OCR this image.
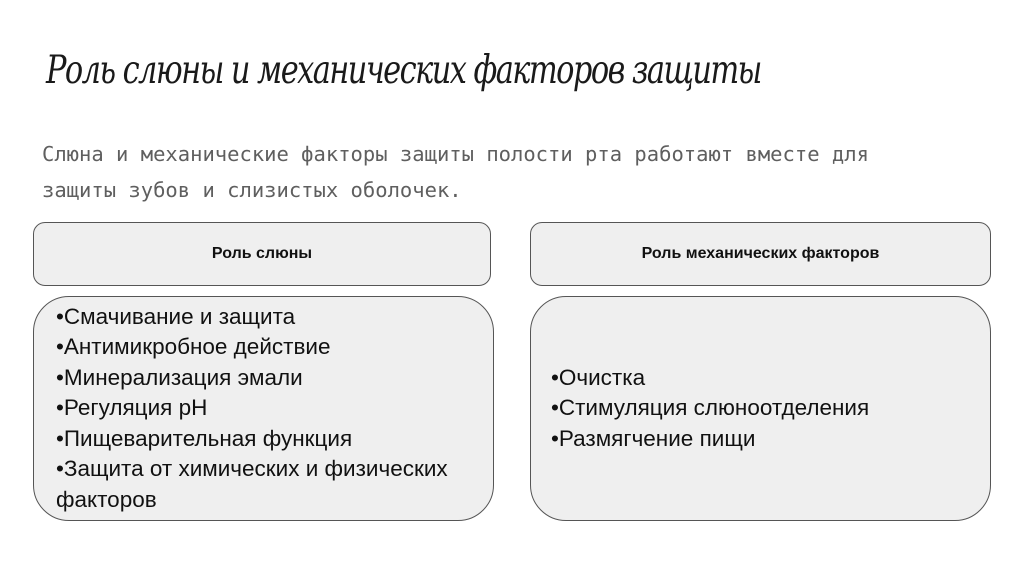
Роль слюны и механических факторов защиты
Слюна и механические факторы защиты полости рта работают вместе для защиты зубов и слизистых оболочек.
Роль слюны	Роль механических факторов
•Смачивание и защита
•Антимикробное действие
•Минерализация эмали
•Регуляция pH
•Пищеварительная функция
•Защита от химических и физических факторов
•Очистка
•Стимуляция слюноотделения
•Размягчение пищи
